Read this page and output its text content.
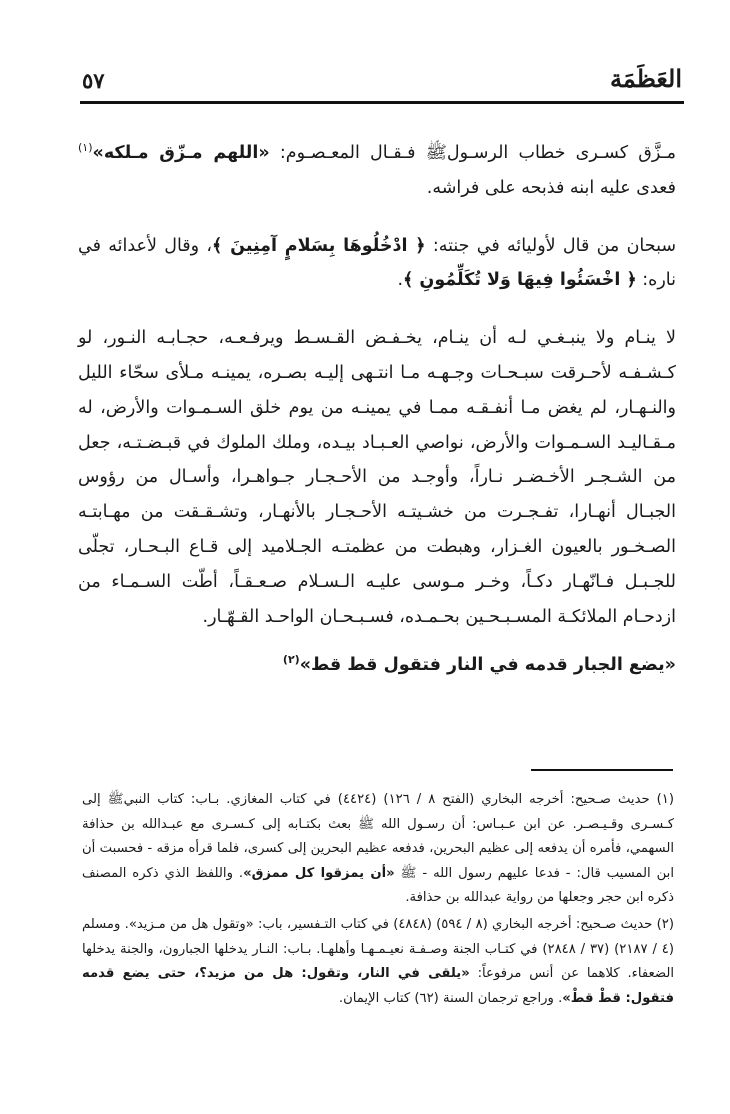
العَظَمَة
٥٧

مـزَّق كسـرى خطاب الرسـولﷺ فـقـال المعـصـوم: «اللهم مـزّق مـلكه»$^{(١)}$ فعدى عليه ابنه فذبحه على فراشه.

سبحان من قال لأوليائه في جنته: ﴿ ادْخُلُوهَا بِسَلامٍ آمِنِينَ ﴾، وقال لأعدائه في ناره: ﴿ اخْسَئُوا فِيهَا وَلا تُكَلِّمُونِ ﴾.

لا ينـام ولا ينبـغـي لـه أن ينـام، يخـفـض القـسـط ويرفـعـه، حجـابـه النـور، لو كـشـفـه لأحـرقت سبـحـات وجـهـه مـا انتـهى إليـه بصـره، يمينـه مـلأى سحّاء الليل والنـهـار، لم يغض مـا أنفـقـه ممـا في يمينـه من يوم خلق السـمـوات والأرض، له مـقـاليـد السـمـوات والأرض، نواصي العـبـاد بيـده، وملك الملوك في قبـضـتـه، جعل من الشـجـر الأخـضـر نـاراً، وأوجـد من الأحـجـار جـواهـرا، وأسـال من رؤوس الجبـال أنهـارا، تفـجـرت من خشـيتـه الأحـجـار بالأنهـار، وتشـقـقت من مهـابتـه الصـخـور بالعيون الغـزار، وهبطت من عظمتـه الجـلاميد إلى قـاع البـحـار، تجلّى للجـبـل فـانّهـار دكـاً، وخـر مـوسى عليـه الـسـلام صـعـقـاً، أطّت السـمـاء من ازدحـام الملائكـة المسـبـحـين بحـمـده، فسـبـحـان الواحـد القـهّـار.

«يضع الجبار قدمه في النار فتقول قط قط»$^{(٢)}$

(١) حديث صـحيح: أخرجه البخاري (الفتح ٨ / ١٢٦) (٤٤٢٤) في كتاب المغازي. بـاب: كتاب النبيﷺ إلى كـسـرى وقـيـصـر. عن ابن عـبـاس: أن رسـول الله ﷺ بعث بكتـابه إلى كـسـرى مع عبـدالله بن حذافة السهمي، فأمره أن يدفعه إلى عظيم البحرين، فدفعه عظيم البحرين إلى كسرى، فلما قرأه مزقه - فحسبت أن ابن المسيب قال: - فدعا عليهم رسول الله - ﷺ «أن يمزقوا كل ممزق». واللفظ الذي ذكره المصنف ذكره ابن حجر وجعلها من رواية عبدالله بن حذافة.

(٢) حديث صـحيح: أخرجه البخاري (٨ / ٥٩٤) (٤٨٤٨) في كتاب التـفسير، باب: «وتقول هل من مـزيد». ومسلم (٤ / ٢١٨٧) (٣٧ / ٢٨٤٨) في كتـاب الجنة وصـفـة نعيـمـهـا وأهلهـا. بـاب: النـار يدخلها الجبارون، والجنة يدخلها الضعفاء. كلاهما عن أنس مرفوعاً: «يلقى في النار، وتقول: هل من مزيد؟، حتى يضع قدمه فتقول: قطْ قطْ». وراجع ترجمان السنة (٦٢) كتاب الإيمان.
